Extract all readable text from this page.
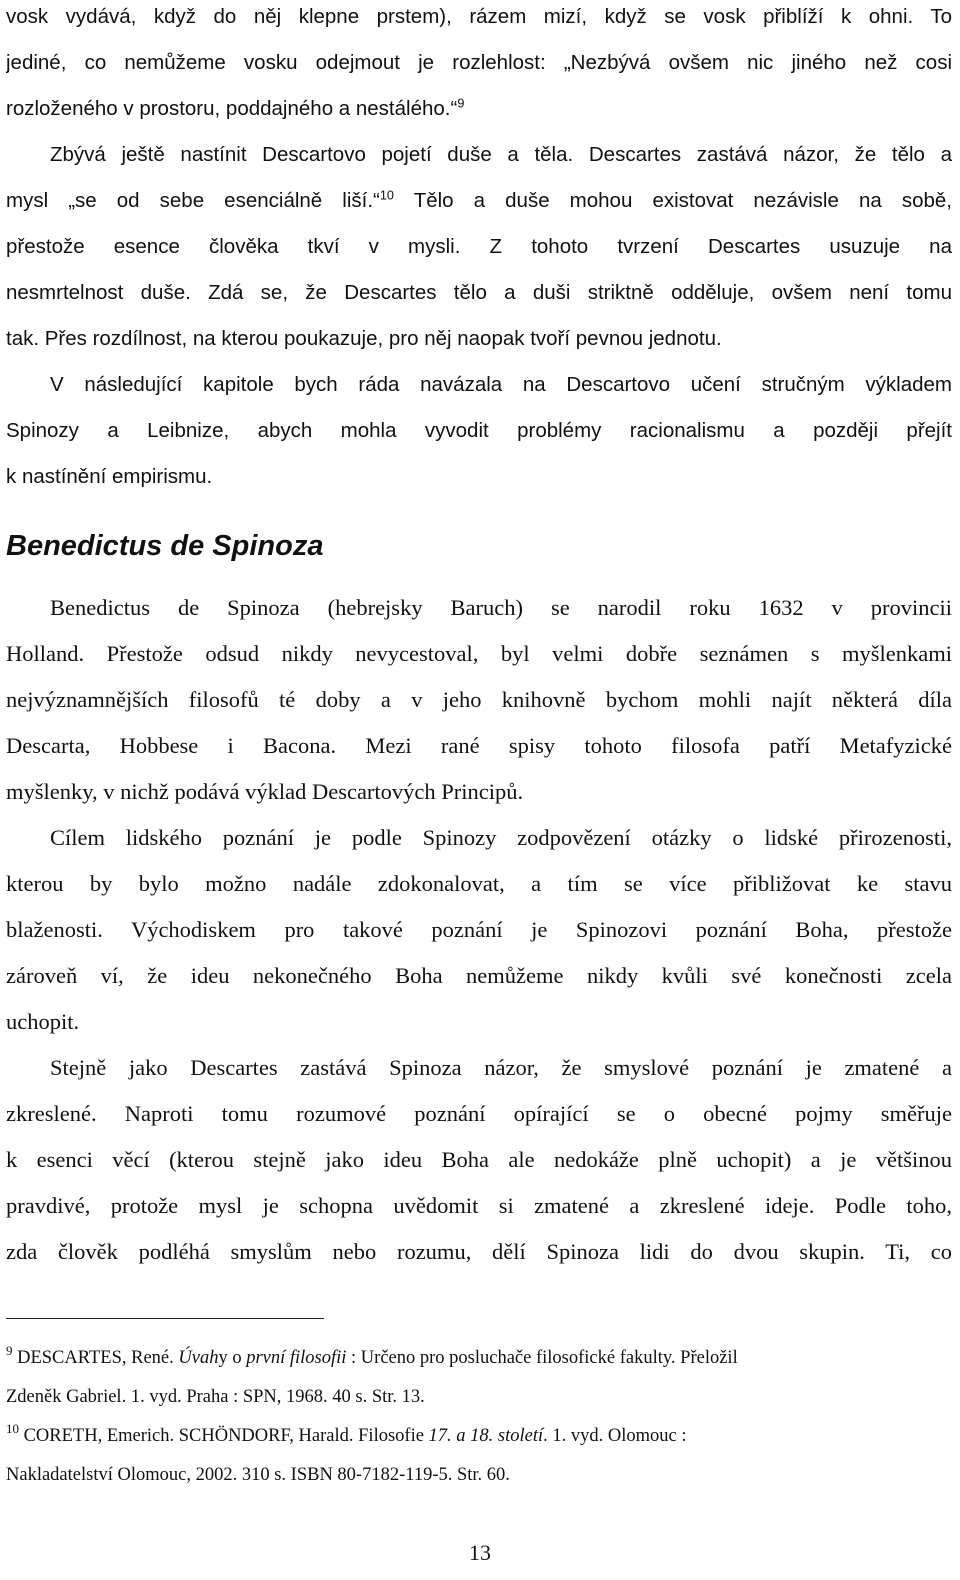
vosk vydává, když do něj klepne prstem), rázem mizí, když se vosk přiblíží k ohni. To
jediné, co nemůžeme vosku odejmout je rozlehlost: „Nezbývá ovšem nic jiného než cosi
rozloženého v prostoru, poddajného a nestálého.“$^9$
Zbývá ještě nastínit Descartovo pojetí duše a těla. Descartes zastává názor, že tělo a
mysl „se od sebe esenciálně liší.“$^{10}$ Tělo a duše mohou existovat nezávisle na sobě,
přestože esence člověka tkví v mysli. Z tohoto tvrzení Descartes usuzuje na
nesmrtelnost duše. Zdá se, že Descartes tělo a duši striktně odděluje, ovšem není tomu
tak. Přes rozdílnost, na kterou poukazuje, pro něj naopak tvoří pevnou jednotu.
V následující kapitole bych ráda navázala na Descartovo učení stručným výkladem
Spinozy a Leibnize, abych mohla vyvodit problémy racionalismu a později přejít
k nastínění empirismu.
Benedictus de Spinoza
Benedictus de Spinoza (hebrejsky Baruch) se narodil roku 1632 v provincii
Holland. Přestože odsud nikdy nevycestoval, byl velmi dobře seznámen s myšlenkami
nejvýznamnějších filosofů té doby a v jeho knihovně bychom mohli najít některá díla
Descarta, Hobbese i Bacona. Mezi rané spisy tohoto filosofa patří Metafyzické
myšlenky, v nichž podává výklad Descartových Principů.
Cílem lidského poznání je podle Spinozy zodpovězení otázky o lidské přirozenosti,
kterou by bylo možno nadále zdokonalovat, a tím se více přibližovat ke stavu
blaženosti. Východiskem pro takové poznání je Spinozovi poznání Boha, přestože
zároveň ví, že ideu nekonečného Boha nemůžeme nikdy kvůli své konečnosti zcela
uchopit.
Stejně jako Descartes zastává Spinoza názor, že smyslové poznání je zmatené a
zkreslené. Naproti tomu rozumové poznání opírající se o obecné pojmy směřuje
k esenci věcí (kterou stejně jako ideu Boha ale nedokáže plně uchopit) a je většinou
pravdivé, protože mysl je schopna uvědomit si zmatené a zkreslené ideje. Podle toho,
zda člověk podléhá smyslům nebo rozumu, dělí Spinoza lidi do dvou skupin. Ti, co
$^9$ DESCARTES, René. Úvahy o první filosofii : Určeno pro posluchače filosofické fakulty. Přeložil
Zdeněk Gabriel. 1. vyd. Praha : SPN, 1968. 40 s. Str. 13.
$^{10}$ CORETH, Emerich. SCHÖNDORF, Harald. Filosofie 17. a 18. století. 1. vyd. Olomouc :
Nakladatelství Olomouc, 2002. 310 s. ISBN 80-7182-119-5. Str. 60.
13
